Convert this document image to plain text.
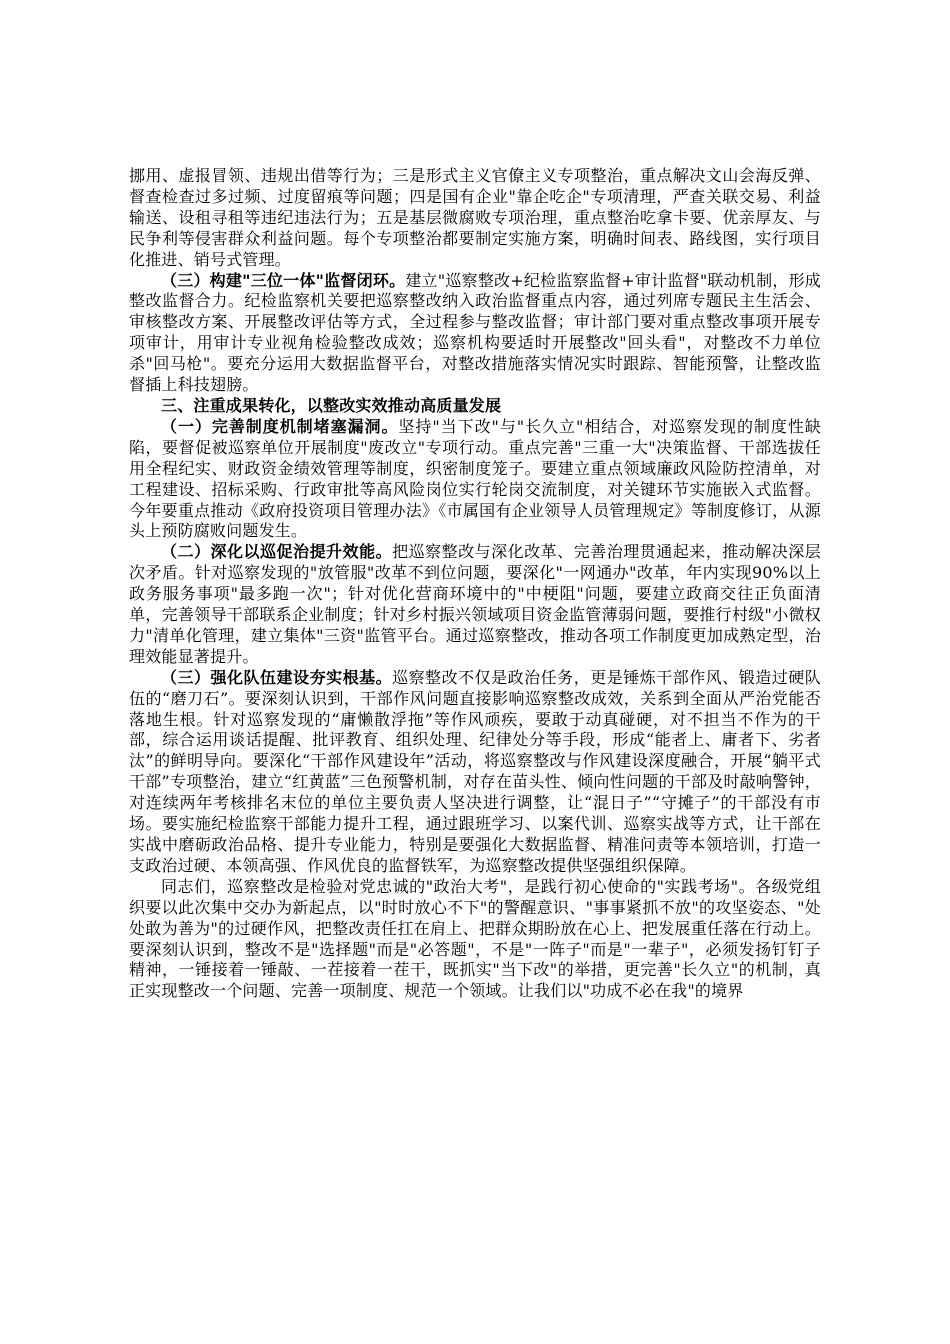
挪用、虚报冒领、违规出借等行为；三是形式主义官僚主义专项整治，重点解决文山会海反弹、督查检查过多过频、过度留痕等问题；四是国有企业"靠企吃企"专项清理，严查关联交易、利益输送、设租寻租等违纪违法行为；五是基层微腐败专项治理，重点整治吃拿卡要、优亲厚友、与民争利等侵害群众利益问题。每个专项整治都要制定实施方案，明确时间表、路线图，实行项目化推进、销号式管理。

（三）构建"三位一体"监督闭环。建立"巡察整改+纪检监察监督+审计监督"联动机制，形成整改监督合力。纪检监察机关要把巡察整改纳入政治监督重点内容，通过列席专题民主生活会、审核整改方案、开展整改评估等方式，全过程参与整改监督；审计部门要对重点整改事项开展专项审计，用审计专业视角检验整改成效；巡察机构要适时开展整改"回头看"，对整改不力单位杀"回马枪"。要充分运用大数据监督平台，对整改措施落实情况实时跟踪、智能预警，让整改监督插上科技翅膀。

三、注重成果转化，以整改实效推动高质量发展

（一）完善制度机制堵塞漏洞。坚持"当下改"与"长久立"相结合，对巡察发现的制度性缺陷，要督促被巡察单位开展制度"废改立"专项行动。重点完善"三重一大"决策监督、干部选拔任用全程纪实、财政资金绩效管理等制度，织密制度笼子。要建立重点领域廉政风险防控清单，对工程建设、招标采购、行政审批等高风险岗位实行轮岗交流制度，对关键环节实施嵌入式监督。今年要重点推动《政府投资项目管理办法》《市属国有企业领导人员管理规定》等制度修订，从源头上预防腐败问题发生。

（二）深化以巡促治提升效能。把巡察整改与深化改革、完善治理贯通起来，推动解决深层次矛盾。针对巡察发现的"放管服"改革不到位问题，要深化"一网通办"改革，年内实现90%以上政务服务事项"最多跑一次"；针对优化营商环境中的"中梗阻"问题，要建立政商交往正负面清单，完善领导干部联系企业制度；针对乡村振兴领域项目资金监管薄弱问题，要推行村级"小微权力"清单化管理，建立集体"三资"监管平台。通过巡察整改，推动各项工作制度更加成熟定型，治理效能显著提升。

（三）强化队伍建设夯实根基。巡察整改不仅是政治任务，更是锤炼干部作风、锻造过硬队伍的“磨刀石”。要深刻认识到，干部作风问题直接影响巡察整改成效，关系到全面从严治党能否落地生根。针对巡察发现的“庸懒散浮拖”等作风顽疾，要敢于动真碰硬，对不担当不作为的干部，综合运用谈话提醒、批评教育、组织处理、纪律处分等手段，形成“能者上、庸者下、劣者汰”的鲜明导向。要深化“干部作风建设年”活动，将巡察整改与作风建设深度融合，开展“躺平式干部”专项整治，建立“红黄蓝”三色预警机制，对存在苗头性、倾向性问题的干部及时敲响警钟，对连续两年考核排名末位的单位主要负责人坚决进行调整，让“混日子”“守摊子”的干部没有市场。要实施纪检监察干部能力提升工程，通过跟班学习、以案代训、巡察实战等方式，让干部在实战中磨砺政治品格、提升专业能力，特别是要强化大数据监督、精准问责等本领培训，打造一支政治过硬、本领高强、作风优良的监督铁军，为巡察整改提供坚强组织保障。

同志们，巡察整改是检验对党忠诚的"政治大考"，是践行初心使命的"实践考场"。各级党组织要以此次集中交办为新起点，以"时时放心不下"的警醒意识、"事事紧抓不放"的攻坚姿态、"处处敢为善为"的过硬作风，把整改责任扛在肩上、把群众期盼放在心上、把发展重任落在行动上。要深刻认识到，整改不是"选择题"而是"必答题"，不是"一阵子"而是"一辈子"，必须发扬钉钉子精神，一锤接着一锤敲、一茬接着一茬干，既抓实"当下改"的举措，更完善"长久立"的机制，真正实现整改一个问题、完善一项制度、规范一个领域。让我们以"功成不必在我"的境界
